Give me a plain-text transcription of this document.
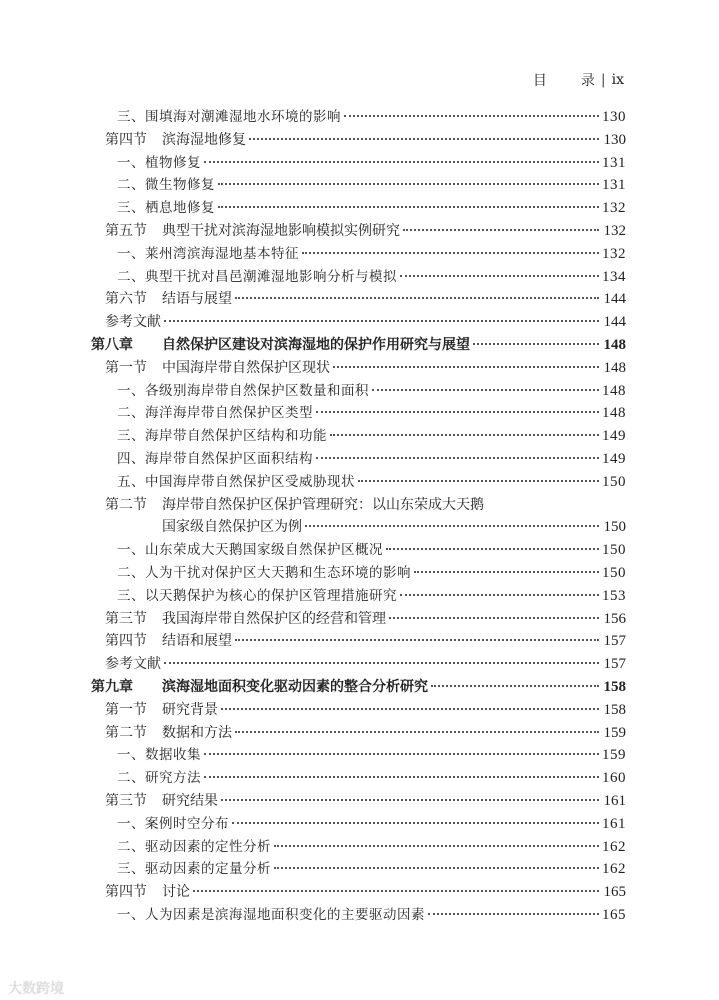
目 录 | ix
三、围填海对潮滩湿地水环境的影响	130
第四节	滨海湿地修复	130
一、植物修复	131
二、微生物修复	131
三、栖息地修复	132
第五节	典型干扰对滨海湿地影响模拟实例研究	132
一、莱州湾滨海湿地基本特征	132
二、典型干扰对昌邑潮滩湿地影响分析与模拟	134
第六节	结语与展望	144
参考文献	144
第八章	自然保护区建设对滨海湿地的保护作用研究与展望	148
第一节	中国海岸带自然保护区现状	148
一、各级别海岸带自然保护区数量和面积	148
二、海洋海岸带自然保护区类型	148
三、海岸带自然保护区结构和功能	149
四、海岸带自然保护区面积结构	149
五、中国海岸带自然保护区受威胁现状	150
第二节	海岸带自然保护区保护管理研究：以山东荣成大天鹅
国家级自然保护区为例	150
一、山东荣成大天鹅国家级自然保护区概况	150
二、人为干扰对保护区大天鹅和生态环境的影响	150
三、以天鹅保护为核心的保护区管理措施研究	153
第三节	我国海岸带自然保护区的经营和管理	156
第四节	结语和展望	157
参考文献	157
第九章	滨海湿地面积变化驱动因素的整合分析研究	158
第一节	研究背景	158
第二节	数据和方法	159
一、数据收集	159
二、研究方法	160
第三节	研究结果	161
一、案例时空分布	161
二、驱动因素的定性分析	162
三、驱动因素的定量分析	162
第四节	讨论	165
一、人为因素是滨海湿地面积变化的主要驱动因素	165
大数跨境
